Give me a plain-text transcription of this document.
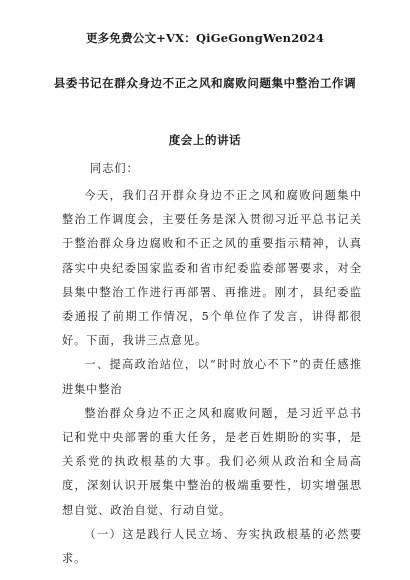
更多免费公文+VX：QiGeGongWen2024
县委书记在群众身边不正之风和腐败问题集中整治工作调
度会上的讲话
同志们：

今天，我们召开群众身边不正之风和腐败问题集中整治工作调度会，主要任务是深入贯彻习近平总书记关于整治群众身边腐败和不正之风的重要指示精神，认真落实中央纪委国家监委和省市纪委监委部署要求，对全县集中整治工作进行再部署、再推进。刚才，县纪委监委通报了前期工作情况，5个单位作了发言，讲得都很好。下面，我讲三点意见。

一、提高政治站位，以“时时放心不下”的责任感推进集中整治

整治群众身边不正之风和腐败问题，是习近平总书记和党中央部署的重大任务，是老百姓期盼的实事，是关系党的执政根基的大事。我们必须从政治和全局高度，深刻认识开展集中整治的极端重要性，切实增强思想自觉、政治自觉、行动自觉。

（一）这是践行人民立场、夯实执政根基的必然要求。
